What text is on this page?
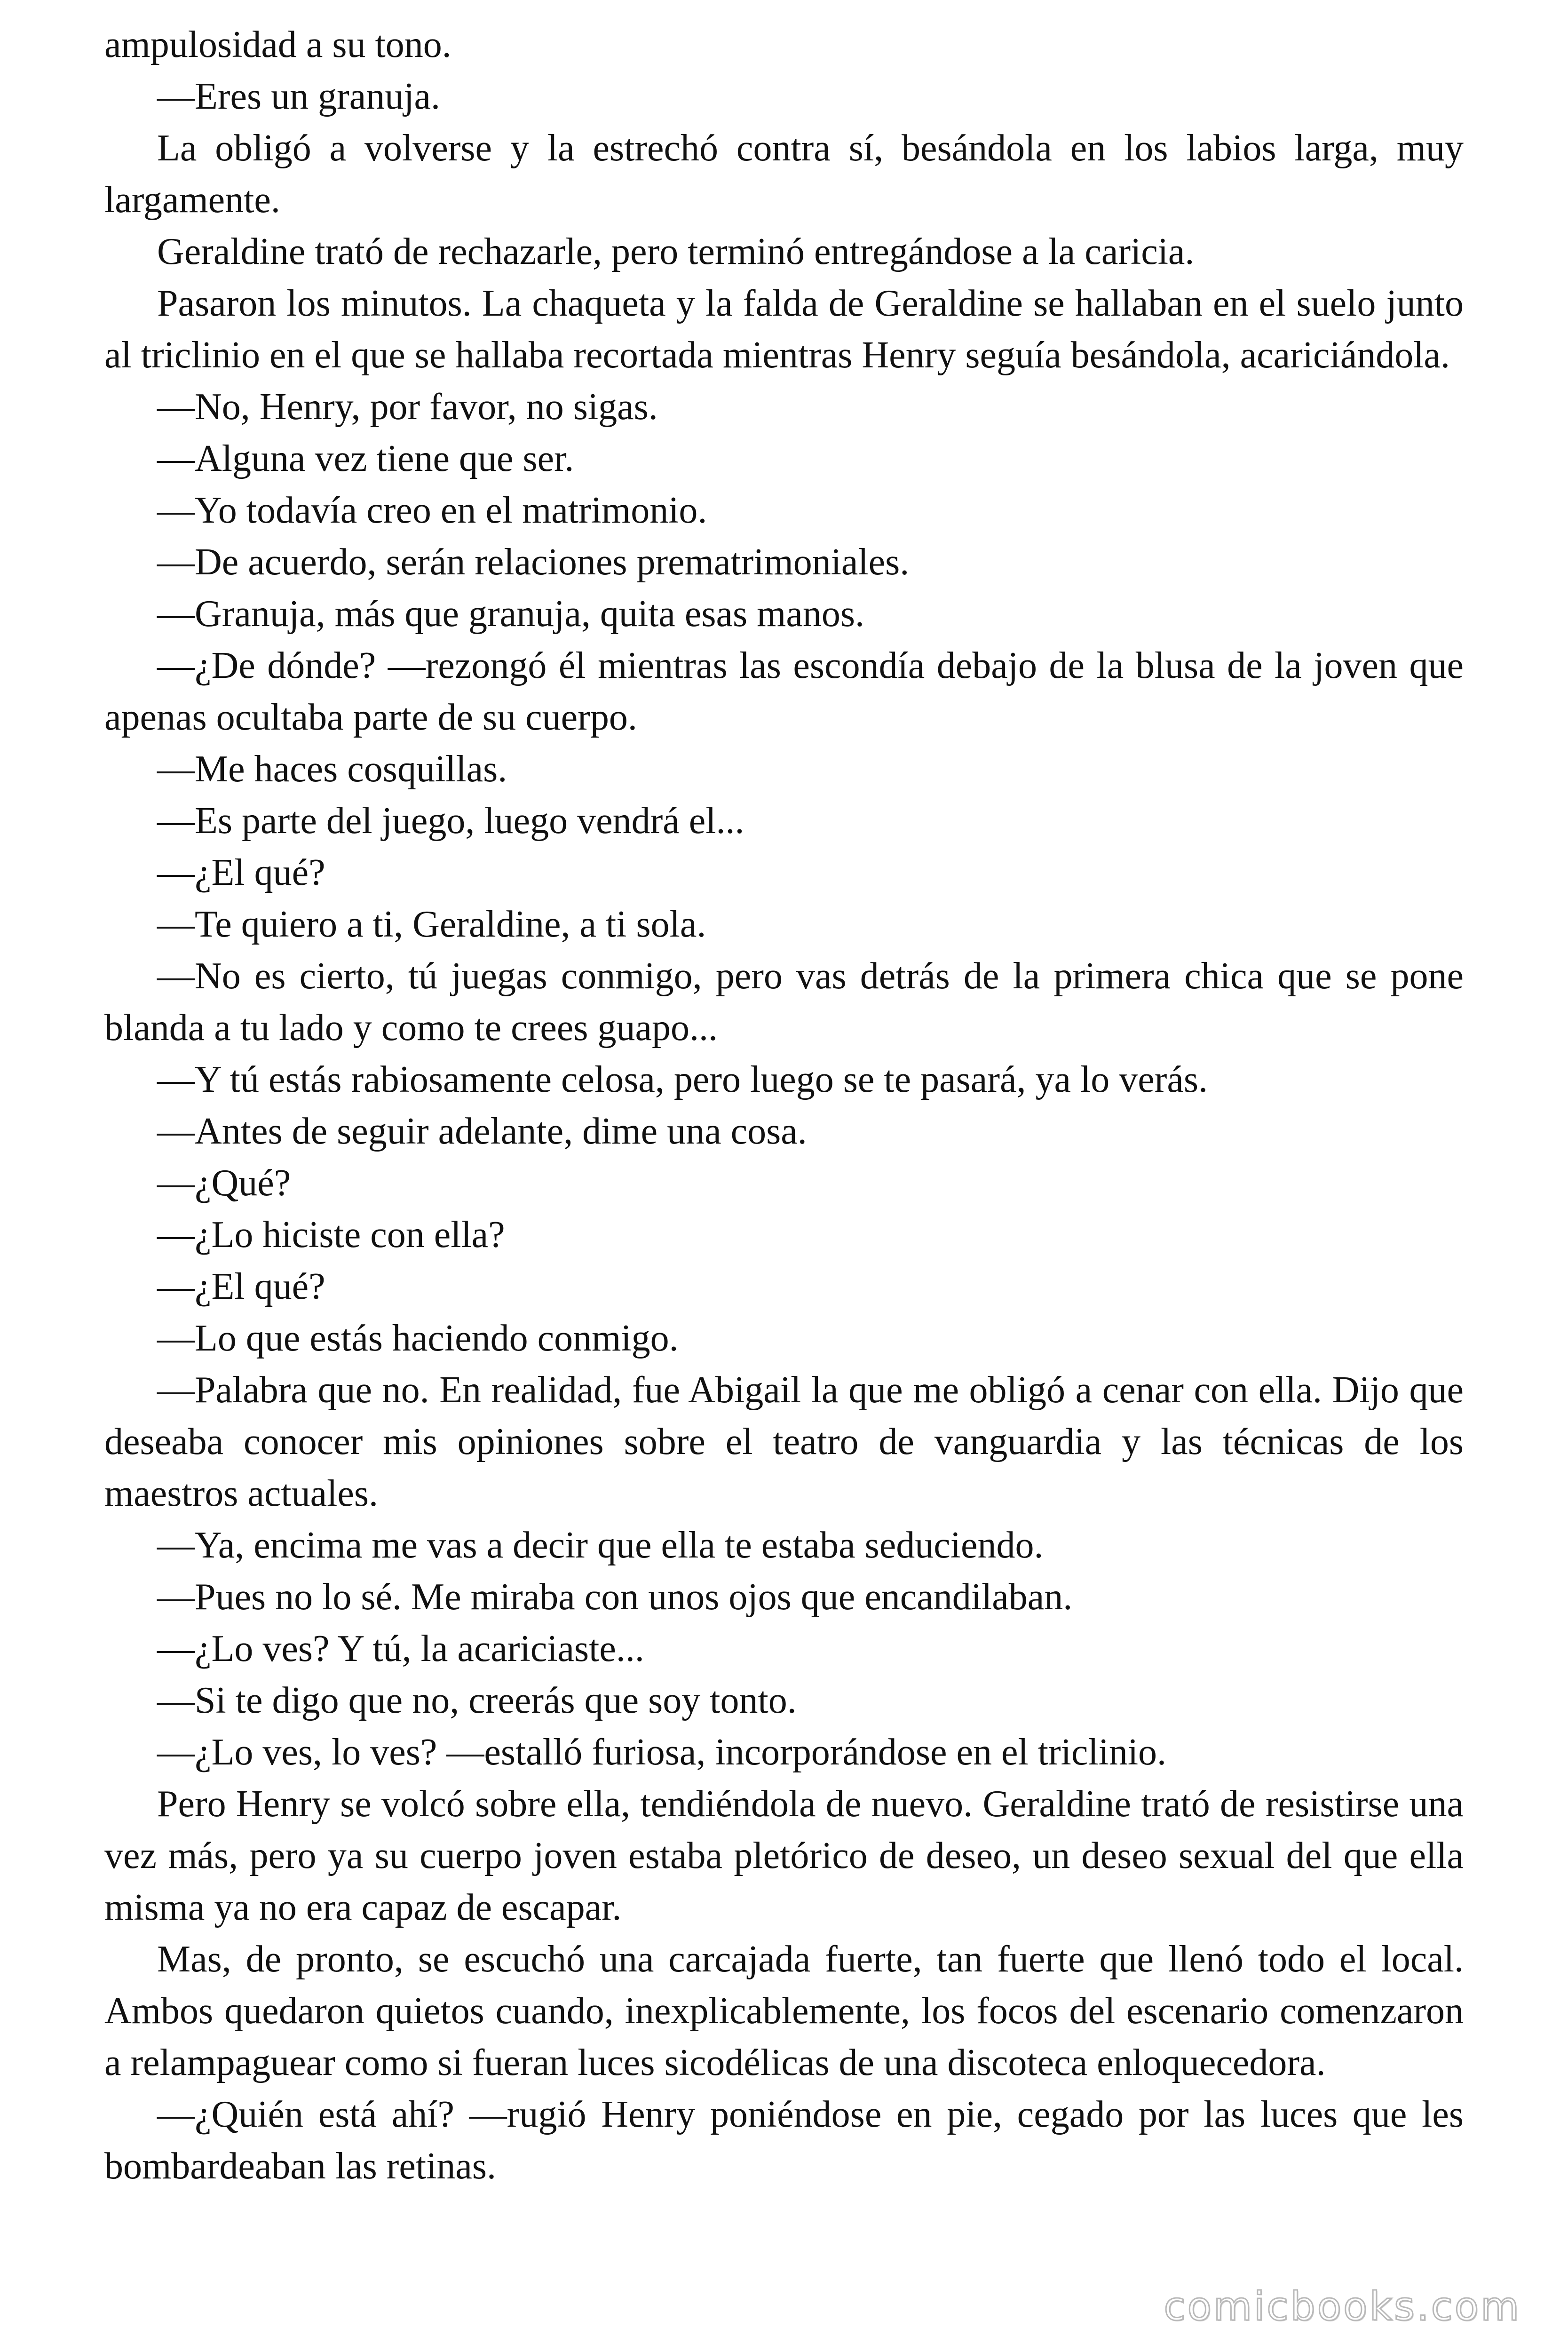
ampulosidad a su tono.

—Eres un granuja.

La obligó a volverse y la estrechó contra sí, besándola en los labios larga, muy largamente.

Geraldine trató de rechazarle, pero terminó entregándose a la caricia.

Pasaron los minutos. La chaqueta y la falda de Geraldine se hallaban en el suelo junto al triclinio en el que se hallaba recortada mientras Henry seguía besándola, acariciándola.

—No, Henry, por favor, no sigas.

—Alguna vez tiene que ser.

—Yo todavía creo en el matrimonio.

—De acuerdo, serán relaciones prematrimoniales.

—Granuja, más que granuja, quita esas manos.

—¿De dónde? —rezongó él mientras las escondía debajo de la blusa de la joven que apenas ocultaba parte de su cuerpo.

—Me haces cosquillas.

—Es parte del juego, luego vendrá el...

—¿El qué?

—Te quiero a ti, Geraldine, a ti sola.

—No es cierto, tú juegas conmigo, pero vas detrás de la primera chica que se pone blanda a tu lado y como te crees guapo...

—Y tú estás rabiosamente celosa, pero luego se te pasará, ya lo verás.

—Antes de seguir adelante, dime una cosa.

—¿Qué?

—¿Lo hiciste con ella?

—¿El qué?

—Lo que estás haciendo conmigo.

—Palabra que no. En realidad, fue Abigail la que me obligó a cenar con ella. Dijo que deseaba conocer mis opiniones sobre el teatro de vanguardia y las técnicas de los maestros actuales.

—Ya, encima me vas a decir que ella te estaba seduciendo.

—Pues no lo sé. Me miraba con unos ojos que encandilaban.

—¿Lo ves? Y tú, la acariciaste...

—Si te digo que no, creerás que soy tonto.

—¿Lo ves, lo ves? —estalló furiosa, incorporándose en el triclinio.

Pero Henry se volcó sobre ella, tendiéndola de nuevo. Geraldine trató de resistirse una vez más, pero ya su cuerpo joven estaba pletórico de deseo, un deseo sexual del que ella misma ya no era capaz de escapar.

Mas, de pronto, se escuchó una carcajada fuerte, tan fuerte que llenó todo el local. Ambos quedaron quietos cuando, inexplicablemente, los focos del escenario comenzaron a relampaguear como si fueran luces sicodélicas de una discoteca enloquecedora.

—¿Quién está ahí? —rugió Henry poniéndose en pie, cegado por las luces que les bombardeaban las retinas.

comicbooks.com
